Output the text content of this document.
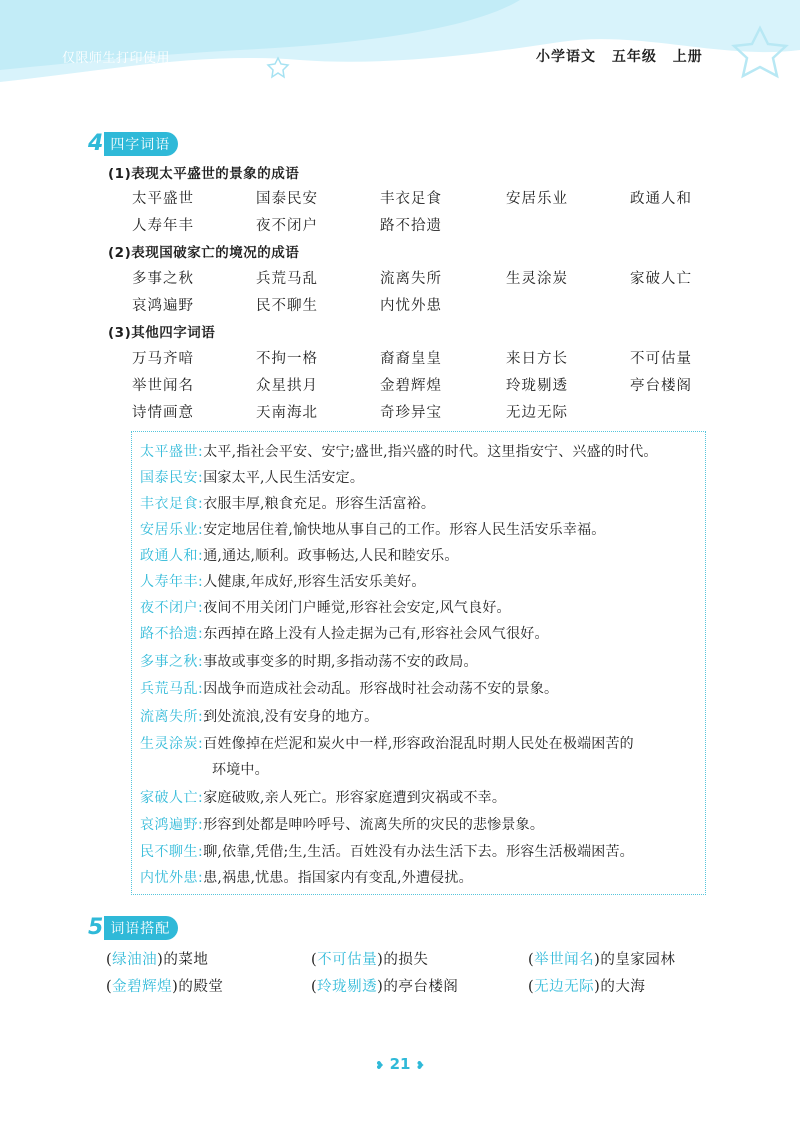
仅限师生打印使用	小学语文 五年级 上册
4 四字词语
(1)表现太平盛世的景象的成语
太平盛世	国泰民安	丰衣足食	安居乐业	政通人和
人寿年丰	夜不闭户	路不拾遗
(2)表现国破家亡的境况的成语
多事之秋	兵荒马乱	流离失所	生灵涂炭	家破人亡
哀鸿遍野	民不聊生	内忧外患
(3)其他四字词语
万马齐喑	不拘一格	裔裔皇皇	来日方长	不可估量
举世闻名	众星拱月	金碧辉煌	玲珑剔透	亭台楼阁
诗情画意	天南海北	奇珍异宝	无边无际
太平盛世:太平,指社会平安、安宁;盛世,指兴盛的时代。这里指安宁、兴盛的时代。
国泰民安:国家太平,人民生活安定。
丰衣足食:衣服丰厚,粮食充足。形容生活富裕。
安居乐业:安定地居住着,愉快地从事自己的工作。形容人民生活安乐幸福。
政通人和:通,通达,顺利。政事畅达,人民和睦安乐。
人寿年丰:人健康,年成好,形容生活安乐美好。
夜不闭户:夜间不用关闭门户睡觉,形容社会安定,风气良好。
路不拾遗:东西掉在路上没有人捡走据为己有,形容社会风气很好。
多事之秋:事故或事变多的时期,多指动荡不安的政局。
兵荒马乱:因战争而造成社会动乱。形容战时社会动荡不安的景象。
流离失所:到处流浪,没有安身的地方。
生灵涂炭:百姓像掉在烂泥和炭火中一样,形容政治混乱时期人民处在极端困苦的
环境中。
家破人亡:家庭破败,亲人死亡。形容家庭遭到灾祸或不幸。
哀鸿遍野:形容到处都是呻吟呼号、流离失所的灾民的悲惨景象。
民不聊生:聊,依靠,凭借;生,生活。百姓没有办法生活下去。形容生活极端困苦。
内忧外患:患,祸患,忧患。指国家内有变乱,外遭侵扰。
5 词语搭配
(绿油油)的菜地	(不可估量)的损失	(举世闻名)的皇家园林
(金碧辉煌)的殿堂	(玲珑剔透)的亭台楼阁	(无边无际)的大海
❥ 21 ❥
